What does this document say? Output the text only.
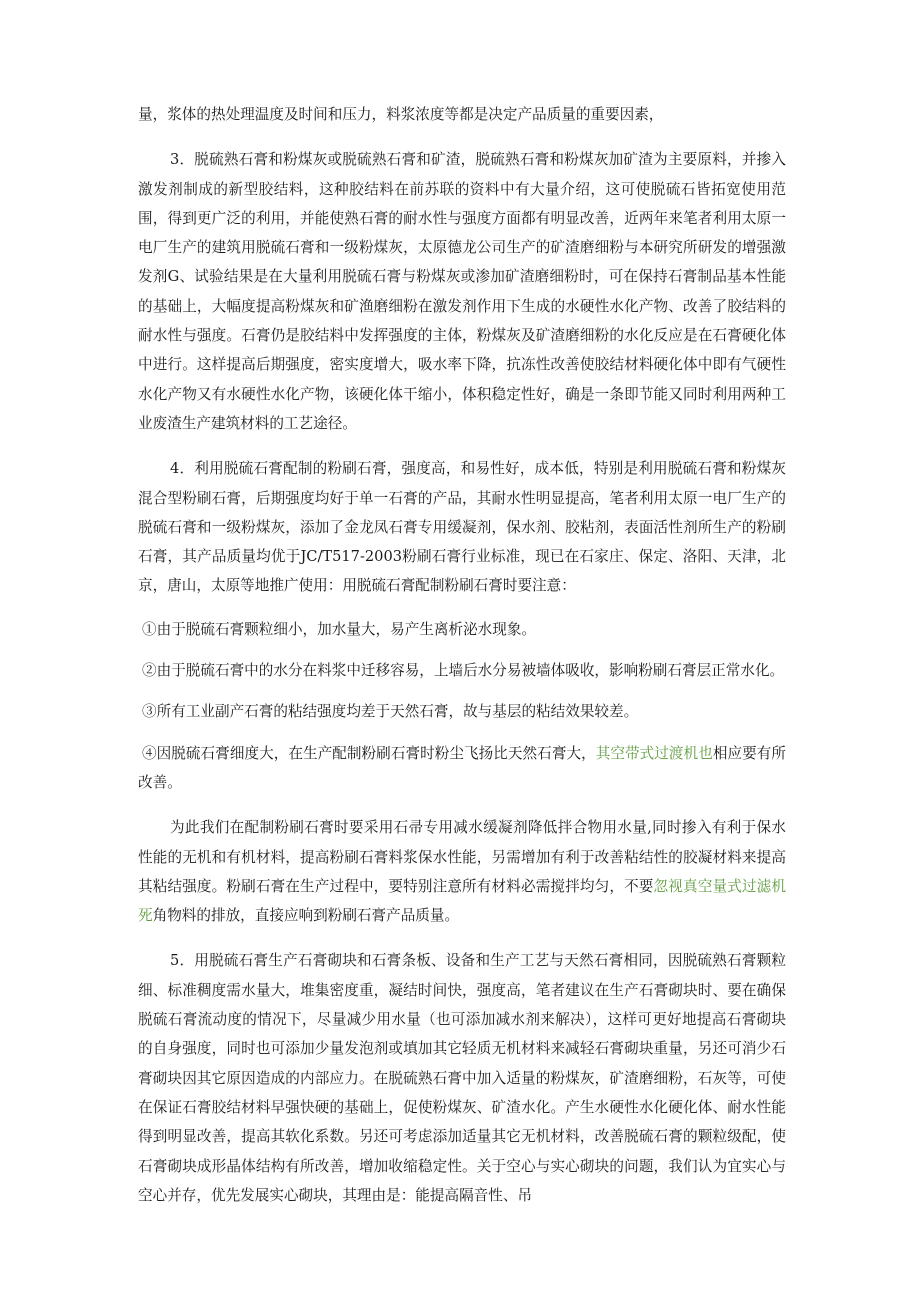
量，浆体的热处理温度及时间和压力，料浆浓度等都是决定产品质量的重要因素，

3．脱硫熟石膏和粉煤灰或脱硫熟石膏和矿渣，脱硫熟石膏和粉煤灰加矿渣为主要原料，并掺入激发剂制成的新型胶结料，这种胶结料在前苏联的资料中有大量介绍，这可使脱硫石皆拓宽使用范围，得到更广泛的利用，并能使熟石膏的耐水性与强度方面都有明显改善，近两年来笔者利用太原一电厂生产的建筑用脱硫石膏和一级粉煤灰，太原德龙公司生产的矿渣磨细粉与本研究所研发的增强激发剂G、试验结果是在大量利用脱硫石膏与粉煤灰或渗加矿渣磨细粉时，可在保持石膏制品基本性能的基础上，大幅度提高粉煤灰和矿渔磨细粉在激发剂作用下生成的水硬性水化产物、改善了胶结料的耐水性与强度。石膏仍是胶结料中发挥强度的主体，粉煤灰及矿渣磨细粉的水化反应是在石膏硬化体中进行。这样提高后期强度，密实度增大，吸水率下降，抗冻性改善使胶结材料硬化体中即有气硬性水化产物又有水硬性水化产物，该硬化体干缩小，体积稳定性好，确是一条即节能又同时利用两种工业废渣生产建筑材料的工艺途径。

4．利用脱硫石膏配制的粉刷石膏，强度高，和易性好，成本低，特别是利用脱硫石膏和粉煤灰混合型粉刷石膏，后期强度均好于单一石膏的产品，其耐水性明显提高，笔者利用太原一电厂生产的脱硫石膏和一级粉煤灰，添加了金龙凤石膏专用缓凝剂，保水剂、胶粘剂，表面活性剂所生产的粉刷石膏，其产品质量均优于JC/T517-2003粉刷石膏行业标准，现已在石家庄、保定、洛阳、天津，北京，唐山，太原等地推广使用：用脱硫石膏配制粉刷石膏时要注意：

①由于脱硫石膏颗粒细小，加水量大，易产生离析泌水现象。

②由于脱硫石膏中的水分在料浆中迁移容易，上墙后水分易被墙体吸收，影响粉刷石膏层正常水化。

③所有工业副产石膏的粘结强度均差于天然石膏，故与基层的粘结效果较差。

④因脱硫石膏细度大，在生产配制粉刷石膏时粉尘飞扬比天然石膏大，其空带式过渡机也相应要有所改善。

为此我们在配制粉刷石膏时要采用石帚专用减水缓凝剂降低拌合物用水量,同时掺入有利于保水性能的无机和有机材料，提高粉刷石膏料浆保水性能，另需增加有利于改善粘结性的胶凝材料来提高其粘结强度。粉刷石膏在生产过程中，要特别注意所有材料必需搅拌均匀，不要忽视真空量式过滤机死角物料的排放，直接应响到粉刷石膏产品质量。

5．用脱硫石膏生产石膏砌块和石膏条板、设备和生产工艺与天然石膏相同，因脱硫熟石膏颗粒细、标准稠度需水量大，堆集密度重，凝结时间快，强度高，笔者建议在生产石膏砌块时、要在确保脱硫石膏流动度的情况下，尽量减少用水量（也可添加减水剂来解决），这样可更好地提高石膏砌块的自身强度，同时也可添加少量发泡剂或填加其它轻质无机材料来减轻石膏砌块重量，另还可消少石膏砌块因其它原因造成的内部应力。在脱硫熟石膏中加入适量的粉煤灰，矿渣磨细粉，石灰等，可使在保证石膏胶结材料早强快硬的基础上，促使粉煤灰、矿渣水化。产生水硬性水化硬化体、耐水性能得到明显改善，提高其软化系数。另还可考虑添加适量其它无机材料，改善脱硫石膏的颗粒级配，使石膏砌块成形晶体结构有所改善，增加收缩稳定性。关于空心与实心砌块的问题，我们认为宜实心与空心并存，优先发展实心砌块，其理由是：能提高隔音性、吊
